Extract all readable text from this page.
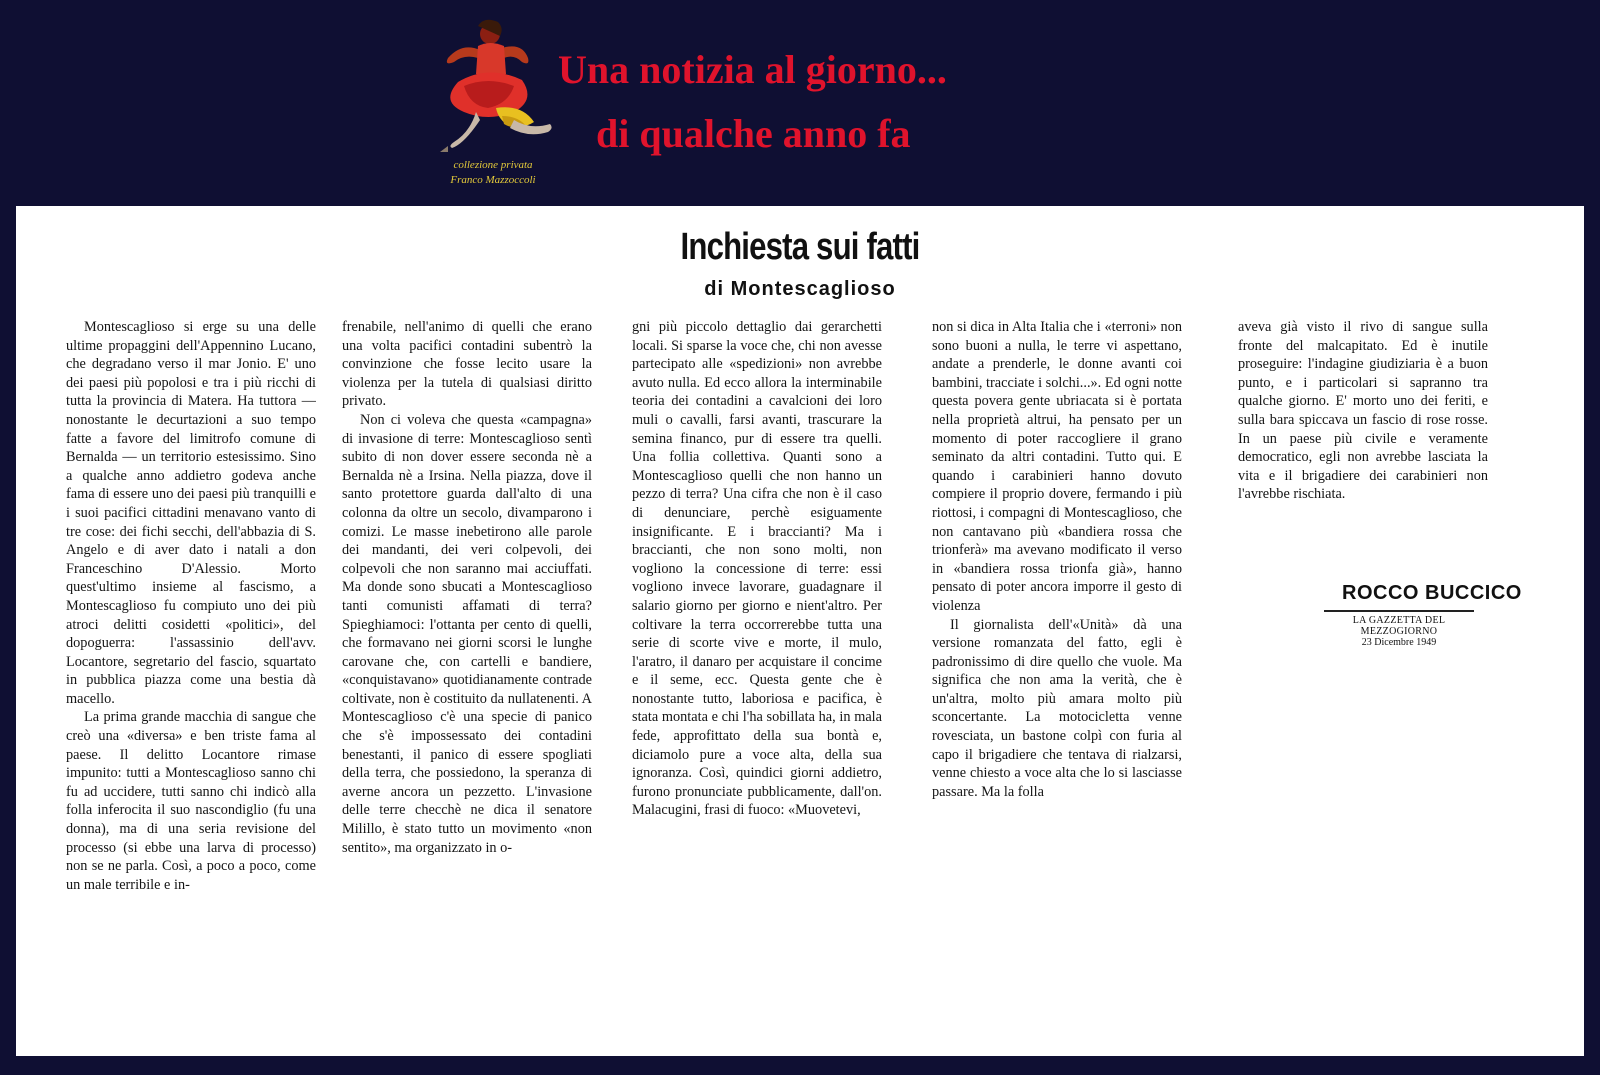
collezione privata
Franco Mazzoccoli
Una notizia al giorno...
di qualche anno fa
Inchiesta sui fatti
di Montescaglioso

Montescaglioso si erge su una delle ultime propaggini dell'Appennino Lucano, che degradano verso il mar Jonio. E' uno dei paesi più popolosi e tra i più ricchi di tutta la provincia di Matera. Ha tuttora — nonostante le decurtazioni a suo tempo fatte a favore del limitrofo comune di Bernalda — un territorio estesissimo. Sino a qualche anno addietro godeva anche fama di essere uno dei paesi più tranquilli e i suoi pacifici cittadini menavano vanto di tre cose: dei fichi secchi, dell'abbazia di S. Angelo e di aver dato i natali a don Franceschino D'Alessio. Morto quest'ultimo insieme al fascismo, a Montescaglioso fu compiuto uno dei più atroci delitti cosidetti «politici», del dopoguerra: l'assassinio dell'avv. Locantore, segretario del fascio, squartato in pubblica piazza come una bestia dà macello.

La prima grande macchia di sangue che creò una «diversa» e ben triste fama al paese. Il delitto Locantore rimase impunito: tutti a Montescaglioso sanno chi fu ad uccidere, tutti sanno chi indicò alla folla inferocita il suo nascondiglio (fu una donna), ma di una seria revisione del processo (si ebbe una larva di processo) non se ne parla. Così, a poco a poco, come un male terribile e in-

frenabile, nell'animo di quelli che erano una volta pacifici contadini subentrò la convinzione che fosse lecito usare la violenza per la tutela di qualsiasi diritto privato.

Non ci voleva che questa «campagna» di invasione di terre: Montescaglioso sentì subito di non dover essere seconda nè a Bernalda nè a Irsina. Nella piazza, dove il santo protettore guarda dall'alto di una colonna da oltre un secolo, divamparono i comizi. Le masse inebetirono alle parole dei mandanti, dei veri colpevoli, dei colpevoli che non saranno mai acciuffati. Ma donde sono sbucati a Montescaglioso tanti comunisti affamati di terra? Spieghiamoci: l'ottanta per cento di quelli, che formavano nei giorni scorsi le lunghe carovane che, con cartelli e bandiere, «conquistavano» quotidianamente contrade coltivate, non è costituito da nullatenenti. A Montescaglioso c'è una specie di panico che s'è impossessato dei contadini benestanti, il panico di essere spogliati della terra, che possiedono, la speranza di averne ancora un pezzetto. L'invasione delle terre checchè ne dica il senatore Milillo, è stato tutto un movimento «non sentito», ma organizzato in o-

gni più piccolo dettaglio dai gerarchetti locali. Si sparse la voce che, chi non avesse partecipato alle «spedizioni» non avrebbe avuto nulla. Ed ecco allora la interminabile teoria dei contadini a cavalcioni dei loro muli o cavalli, farsi avanti, trascurare la semina financo, pur di essere tra quelli. Una follia collettiva. Quanti sono a Montescaglioso quelli che non hanno un pezzo di terra? Una cifra che non è il caso di denunciare, perchè esiguamente insignificante. E i braccianti? Ma i braccianti, che non sono molti, non vogliono la concessione di terre: essi vogliono invece lavorare, guadagnare il salario giorno per giorno e nient'altro. Per coltivare la terra occorrerebbe tutta una serie di scorte vive e morte, il mulo, l'aratro, il danaro per acquistare il concime e il seme, ecc. Questa gente che è nonostante tutto, laboriosa e pacifica, è stata montata e chi l'ha sobillata ha, in mala fede, approfittato della sua bontà e, diciamolo pure a voce alta, della sua ignoranza. Così, quindici giorni addietro, furono pronunciate pubblicamente, dall'on. Malacugini, frasi di fuoco: «Muovetevi,

non si dica in Alta Italia che i «terroni» non sono buoni a nulla, le terre vi aspettano, andate a prenderle, le donne avanti coi bambini, tracciate i solchi...». Ed ogni notte questa povera gente ubriacata si è portata nella proprietà altrui, ha pensato per un momento di poter raccogliere il grano seminato da altri contadini. Tutto qui. E quando i carabinieri hanno dovuto compiere il proprio dovere, fermando i più riottosi, i compagni di Montescaglioso, che non cantavano più «bandiera rossa che trionferà» ma avevano modificato il verso in «bandiera rossa trionfa già», hanno pensato di poter ancora imporre il gesto di violenza

Il giornalista dell'«Unità» dà una versione romanzata del fatto, egli è padronissimo di dire quello che vuole. Ma significa che non ama la verità, che è un'altra, molto più amara molto più sconcertante. La motocicletta venne rovesciata, un bastone colpì con furia al capo il brigadiere che tentava di rialzarsi, venne chiesto a voce alta che lo si lasciasse passare. Ma la folla

aveva già visto il rivo di sangue sulla fronte del malcapitato. Ed è inutile proseguire: l'indagine giudiziaria è a buon punto, e i particolari si sapranno tra qualche giorno. E' morto uno dei feriti, e sulla bara spiccava un fascio di rose rosse. In un paese più civile e veramente democratico, egli non avrebbe lasciata la vita e il brigadiere dei carabinieri non l'avrebbe rischiata.

ROCCO BUCCICO
LA GAZZETTA DEL MEZZOGIORNO
23 Dicembre 1949
